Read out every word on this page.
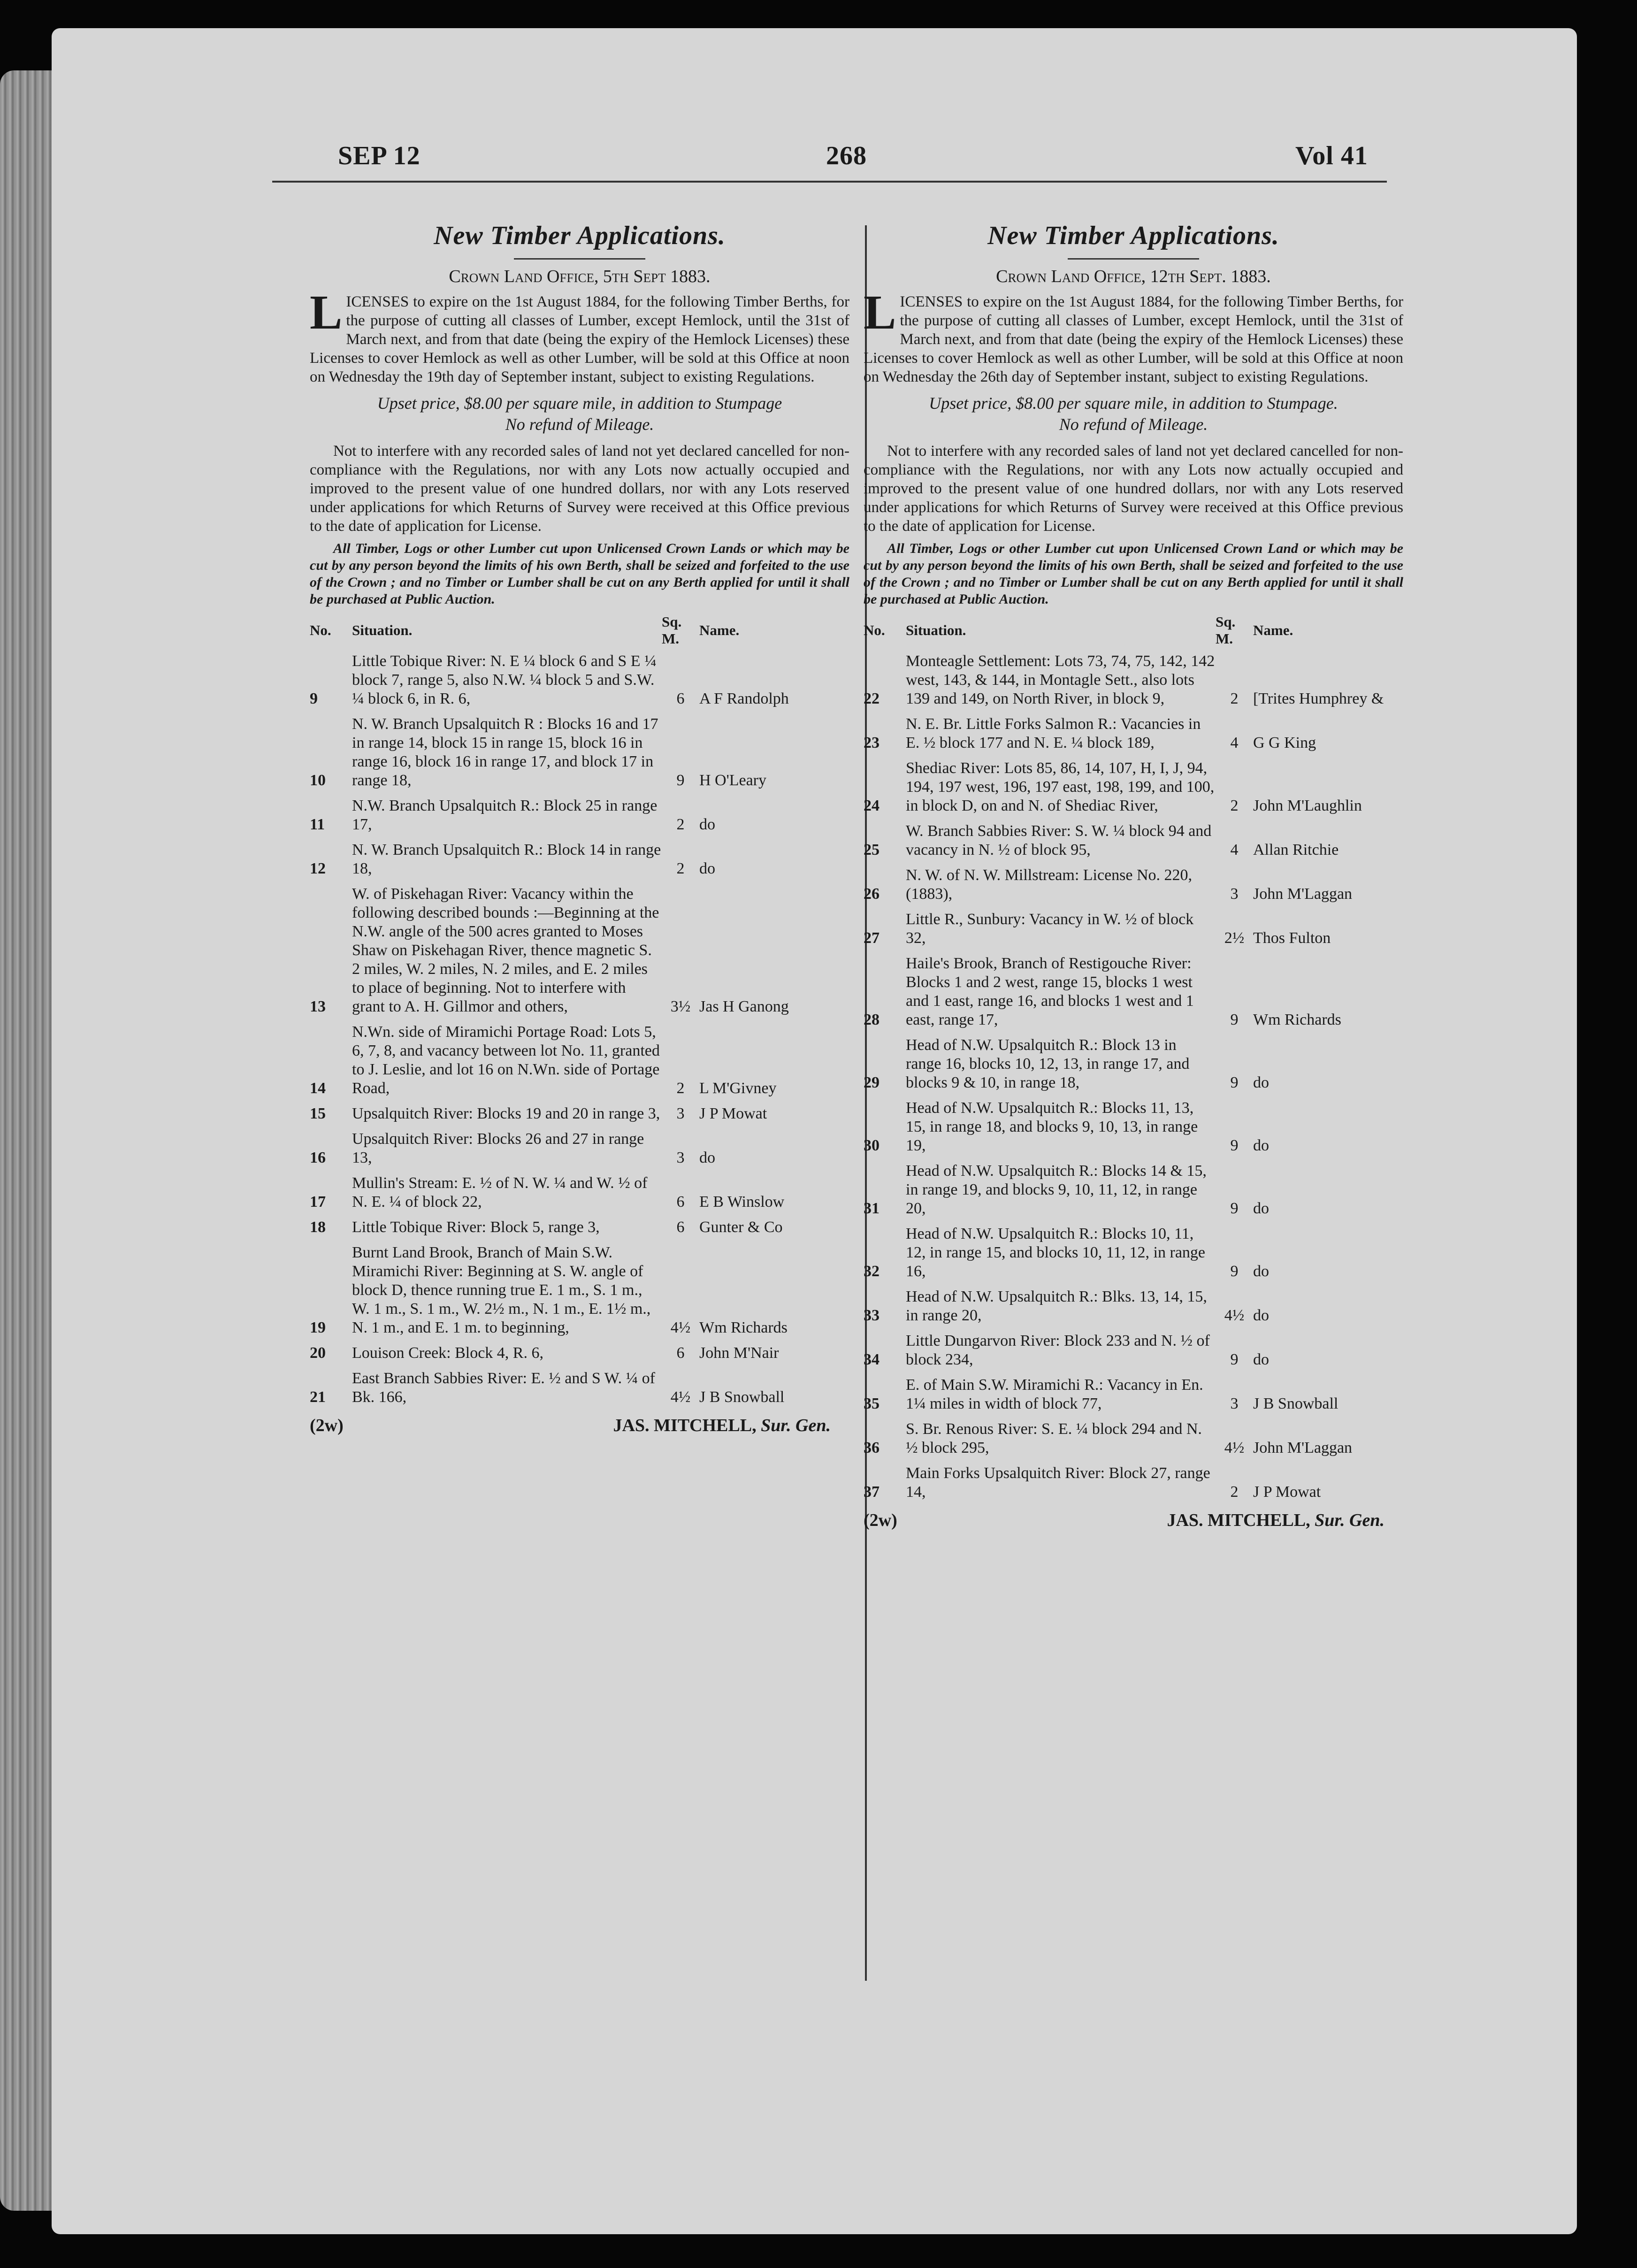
SEP 12	268	Vol 41
New Timber Applications.
Crown Land Office, 5th Sept 1883.

LICENSES to expire on the 1st August 1884, for the following Timber Berths, for the purpose of cutting all classes of Lumber, except Hemlock, until the 31st of March next, and from that date (being the expiry of the Hemlock Licenses) these Licenses to cover Hemlock as well as other Lumber, will be sold at this Office at noon on Wednesday the 19th day of September instant, subject to existing Regulations.

Upset price, $8.00 per square mile, in addition to Stumpage
No refund of Mileage.

Not to interfere with any recorded sales of land not yet declared cancelled for non-compliance with the Regulations, nor with any Lots now actually occupied and improved to the present value of one hundred dollars, nor with any Lots reserved under applications for which Returns of Survey were received at this Office previous to the date of application for License.

All Timber, Logs or other Lumber cut upon Unlicensed Crown Lands or which may be cut by any person beyond the limits of his own Berth, shall be seized and forfeited to the use of the Crown ; and no Timber or Lumber shall be cut on any Berth applied for until it shall be purchased at Public Auction.

No.	Situation.	Sq. M.	Name.
9	Little Tobique River: N. E ¼ block 6 and S E ¼ block 7, range 5, also N.W. ¼ block 5 and S.W. ¼ block 6, in R. 6,	6	A F Randolph
10	N. W. Branch Upsalquitch R : Blocks 16 and 17 in range 14, block 15 in range 15, block 16 in range 16, block 16 in range 17, and block 17 in range 18,	9	H O'Leary
11	N.W. Branch Upsalquitch R.: Block 25 in range 17,	2	do
12	N. W. Branch Upsalquitch R.: Block 14 in range 18,	2	do
13	W. of Piskehagan River: Vacancy within the following described bounds :—Beginning at the N.W. angle of the 500 acres granted to Moses Shaw on Piskehagan River, thence magnetic S. 2 miles, W. 2 miles, N. 2 miles, and E. 2 miles to place of beginning. Not to interfere with grant to A. H. Gillmor and others,	3½	Jas H Ganong
14	N.Wn. side of Miramichi Portage Road: Lots 5, 6, 7, 8, and vacancy between lot No. 11, granted to J. Leslie, and lot 16 on N.Wn. side of Portage Road,	2	L M'Givney
15	Upsalquitch River: Blocks 19 and 20 in range 3,	3	J P Mowat
16	Upsalquitch River: Blocks 26 and 27 in range 13,	3	do
17	Mullin's Stream: E. ½ of N. W. ¼ and W. ½ of N. E. ¼ of block 22,	6	E B Winslow
18	Little Tobique River: Block 5, range 3,	6	Gunter & Co
19	Burnt Land Brook, Branch of Main S.W. Miramichi River: Beginning at S. W. angle of block D, thence running true E. 1 m., S. 1 m., W. 1 m., S. 1 m., W. 2½ m., N. 1 m., E. 1½ m., N. 1 m., and E. 1 m. to beginning,	4½	Wm Richards
20	Louison Creek: Block 4, R. 6,	6	John M'Nair
21	East Branch Sabbies River: E. ½ and S W. ¼ of Bk. 166,	4½	J B Snowball
(2w)	JAS. MITCHELL, Sur. Gen.
New Timber Applications.
Crown Land Office, 12th Sept. 1883.

LICENSES to expire on the 1st August 1884, for the following Timber Berths, for the purpose of cutting all classes of Lumber, except Hemlock, until the 31st of March next, and from that date (being the expiry of the Hemlock Licenses) these Licenses to cover Hemlock as well as other Lumber, will be sold at this Office at noon on Wednesday the 26th day of September instant, subject to existing Regulations.

Upset price, $8.00 per square mile, in addition to Stumpage.
No refund of Mileage.

Not to interfere with any recorded sales of land not yet declared cancelled for non-compliance with the Regulations, nor with any Lots now actually occupied and improved to the present value of one hundred dollars, nor with any Lots reserved under applications for which Returns of Survey were received at this Office previous to the date of application for License.

All Timber, Logs or other Lumber cut upon Unlicensed Crown Land or which may be cut by any person beyond the limits of his own Berth, shall be seized and forfeited to the use of the Crown ; and no Timber or Lumber shall be cut on any Berth applied for until it shall be purchased at Public Auction.

No.	Situation.	Sq. M.	Name.
22	Monteagle Settlement: Lots 73, 74, 75, 142, 142 west, 143, & 144, in Montagle Sett., also lots 139 and 149, on North River, in block 9,	2	[Trites Humphrey &
23	N. E. Br. Little Forks Salmon R.: Vacancies in E. ½ block 177 and N. E. ¼ block 189,	4	G G King
24	Shediac River: Lots 85, 86, 14, 107, H, I, J, 94, 194, 197 west, 196, 197 east, 198, 199, and 100, in block D, on and N. of Shediac River,	2	John M'Laughlin
25	W. Branch Sabbies River: S. W. ¼ block 94 and vacancy in N. ½ of block 95,	4	Allan Ritchie
26	N. W. of N. W. Millstream: License No. 220, (1883),	3	John M'Laggan
27	Little R., Sunbury: Vacancy in W. ½ of block 32,	2½	Thos Fulton
28	Haile's Brook, Branch of Restigouche River: Blocks 1 and 2 west, range 15, blocks 1 west and 1 east, range 16, and blocks 1 west and 1 east, range 17,	9	Wm Richards
29	Head of N.W. Upsalquitch R.: Block 13 in range 16, blocks 10, 12, 13, in range 17, and blocks 9 & 10, in range 18,	9	do
30	Head of N.W. Upsalquitch R.: Blocks 11, 13, 15, in range 18, and blocks 9, 10, 13, in range 19,	9	do
31	Head of N.W. Upsalquitch R.: Blocks 14 & 15, in range 19, and blocks 9, 10, 11, 12, in range 20,	9	do
32	Head of N.W. Upsalquitch R.: Blocks 10, 11, 12, in range 15, and blocks 10, 11, 12, in range 16,	9	do
33	Head of N.W. Upsalquitch R.: Blks. 13, 14, 15, in range 20,	4½	do
34	Little Dungarvon River: Block 233 and N. ½ of block 234,	9	do
35	E. of Main S.W. Miramichi R.: Vacancy in En. 1¼ miles in width of block 77,	3	J B Snowball
36	S. Br. Renous River: S. E. ¼ block 294 and N. ½ block 295,	4½	John M'Laggan
37	Main Forks Upsalquitch River: Block 27, range 14,	2	J P Mowat
(2w)	JAS. MITCHELL, Sur. Gen.
